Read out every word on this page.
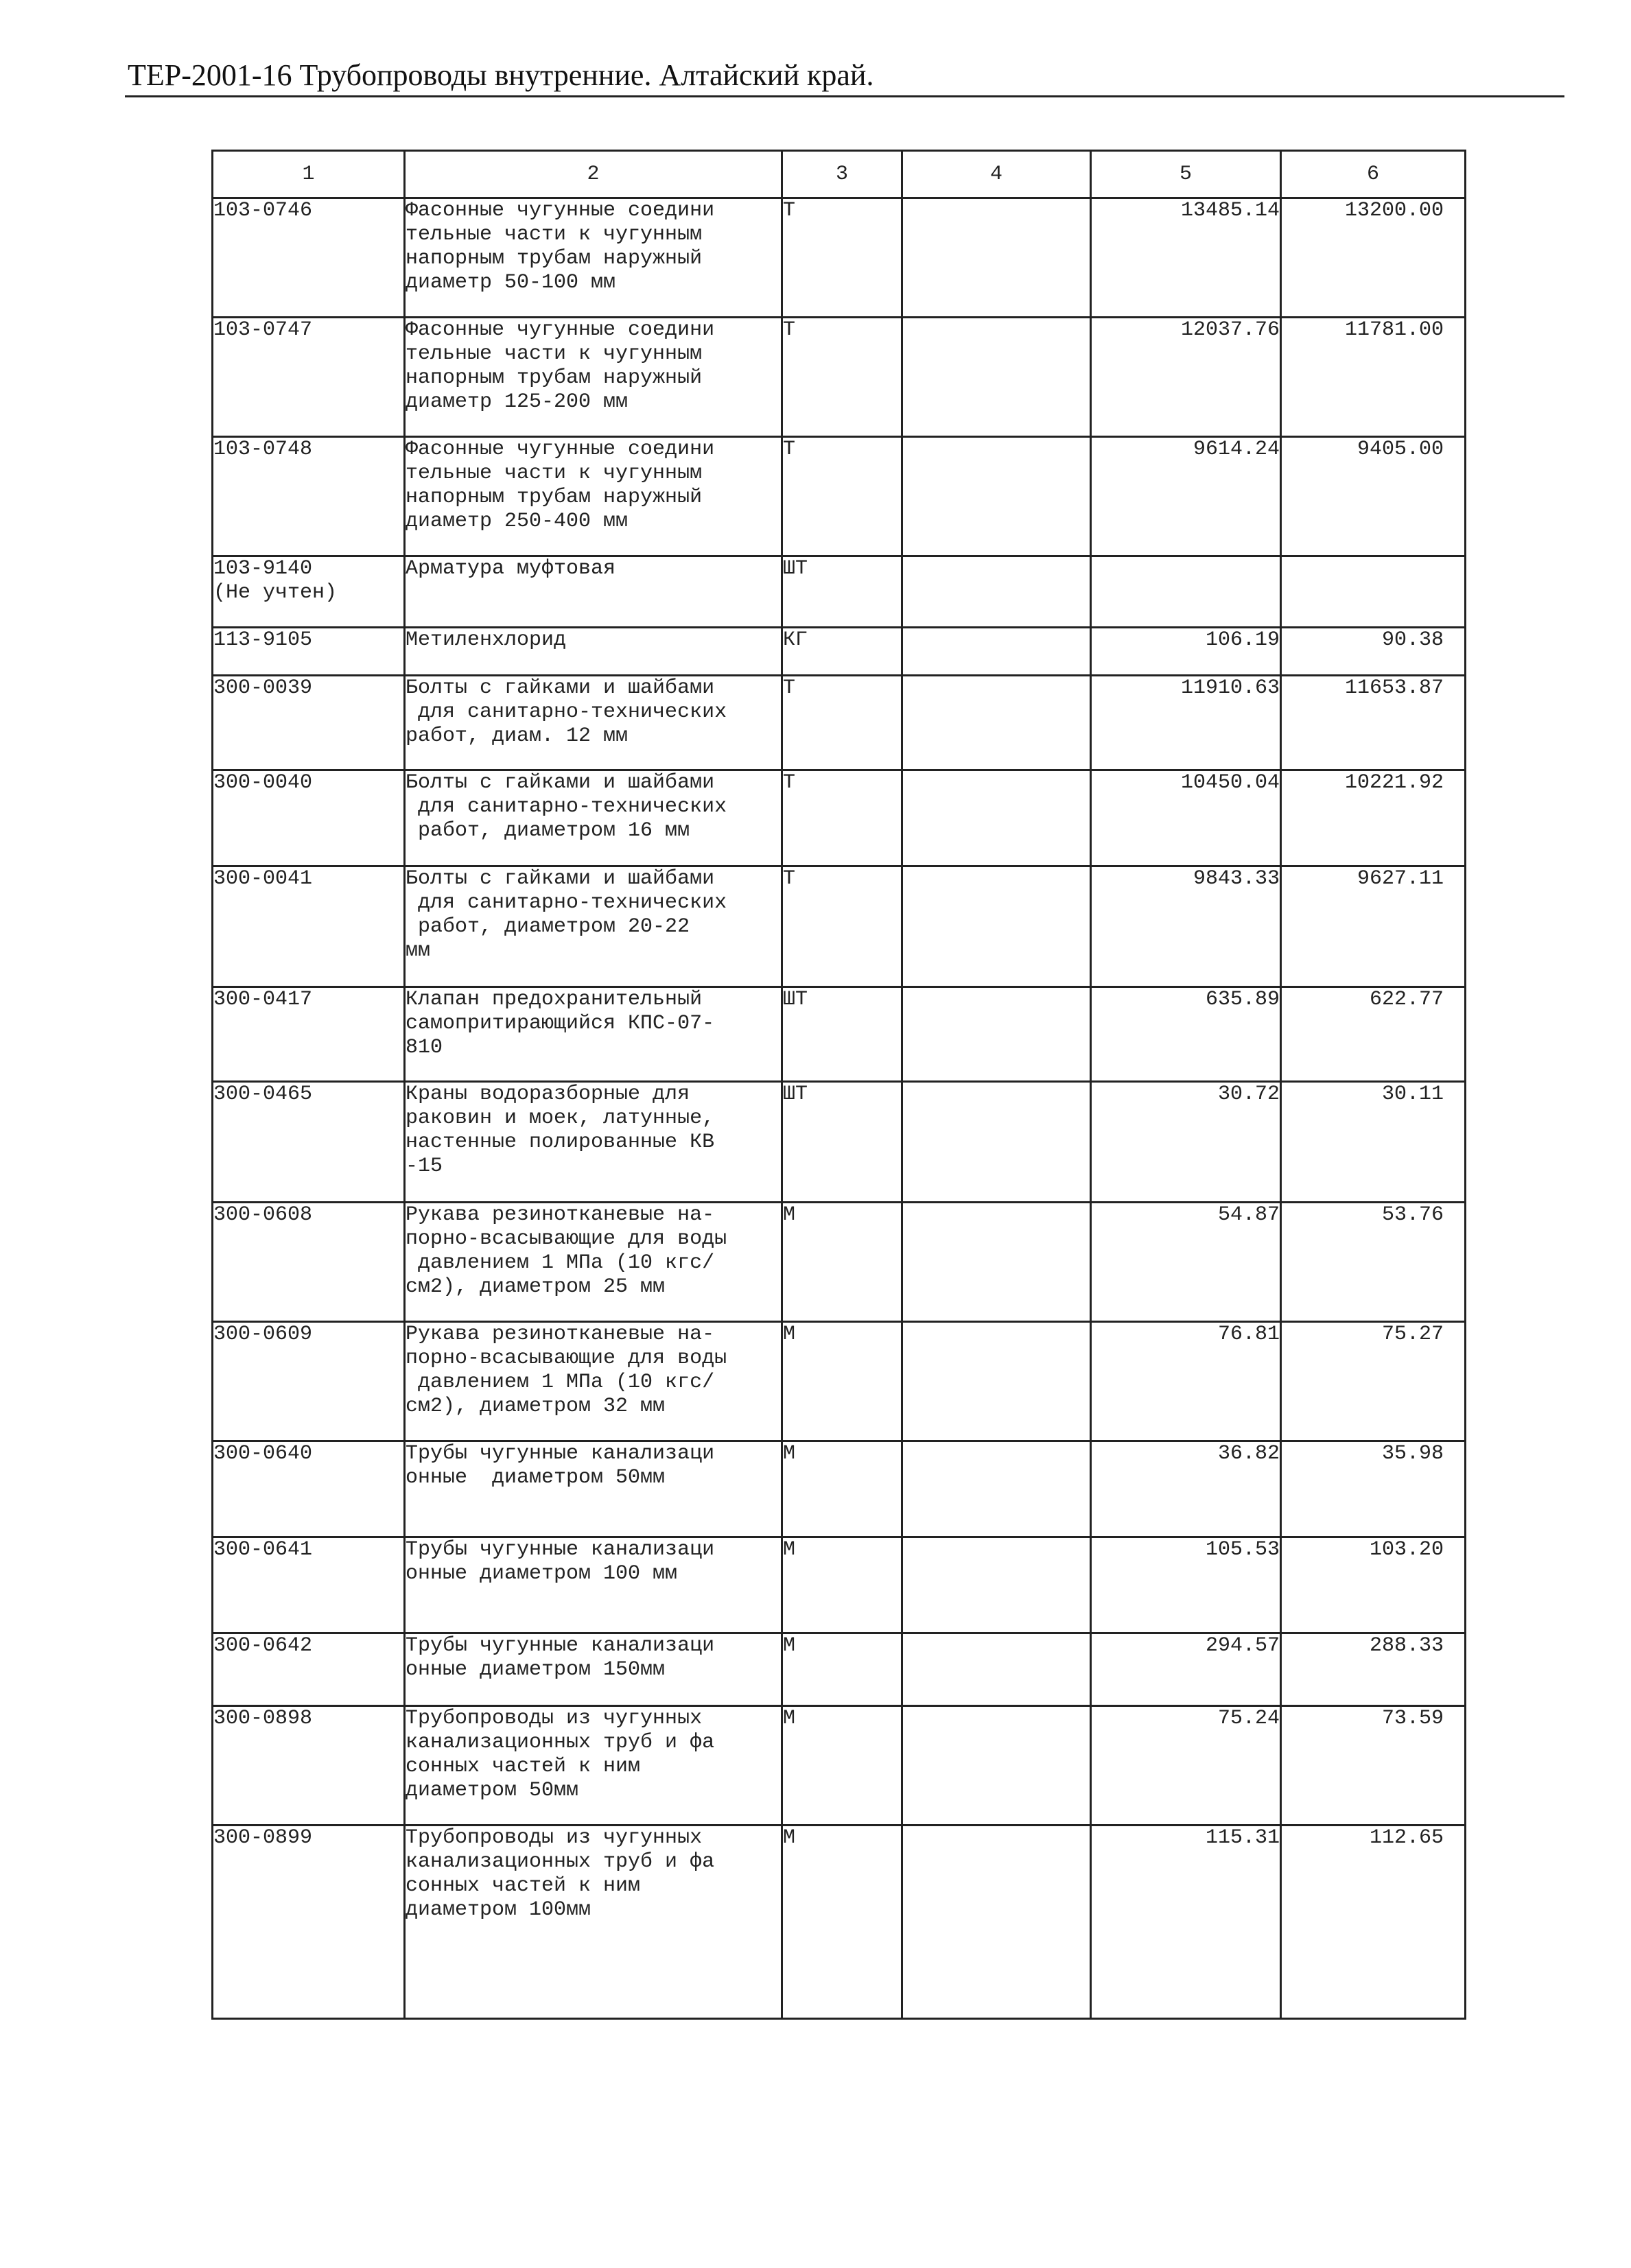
ТЕР-2001-16 Трубопроводы внутренние. Алтайский край.
1	2	3	4	5	6

103-0746	Фасонные чугунные соедини
тельные части к чугунным
напорным трубам наружный
диаметр 50-100 мм	Т		13485.14	13200.00

103-0747	Фасонные чугунные соедини
тельные части к чугунным
напорным трубам наружный
диаметр 125-200 мм	Т		12037.76	11781.00

103-0748	Фасонные чугунные соедини
тельные части к чугунным
напорным трубам наружный
диаметр 250-400 мм	Т		9614.24	9405.00

103-9140
(Не учтен)	Арматура муфтовая	ШТ			

113-9105	Метиленхлорид	КГ		106.19	90.38

300-0039	Болты с гайками и шайбами
для санитарно-технических
работ, диам. 12 мм	Т		11910.63	11653.87

300-0040	Болты с гайками и шайбами
для санитарно-технических
работ, диаметром 16 мм	Т		10450.04	10221.92

300-0041	Болты с гайками и шайбами
для санитарно-технических
работ, диаметром 20-22
мм	Т		9843.33	9627.11

300-0417	Клапан предохранительный
самопритирающийся КПС-07-
810	ШТ		635.89	622.77

300-0465	Краны водоразборные для
раковин и моек, латунные,
настенные полированные КВ
-15	ШТ		30.72	30.11

300-0608	Рукава резинотканевые на-
порно-всасывающие для воды
давлением 1 МПа (10 кгс/
см2), диаметром 25 мм	М		54.87	53.76

300-0609	Рукава резинотканевые на-
порно-всасывающие для воды
давлением 1 МПа (10 кгс/
см2), диаметром 32 мм	М		76.81	75.27

300-0640	Трубы чугунные канализаци
онные  диаметром 50мм	М		36.82	35.98

300-0641	Трубы чугунные канализаци
онные диаметром 100 мм	М		105.53	103.20

300-0642	Трубы чугунные канализаци
онные диаметром 150мм	М		294.57	288.33

300-0898	Трубопроводы из чугунных
канализационных труб и фа
сонных частей к ним
диаметром 50мм	М		75.24	73.59

300-0899	Трубопроводы из чугунных
канализационных труб и фа
сонных частей к ним
диаметром 100мм	М		115.31	112.65
